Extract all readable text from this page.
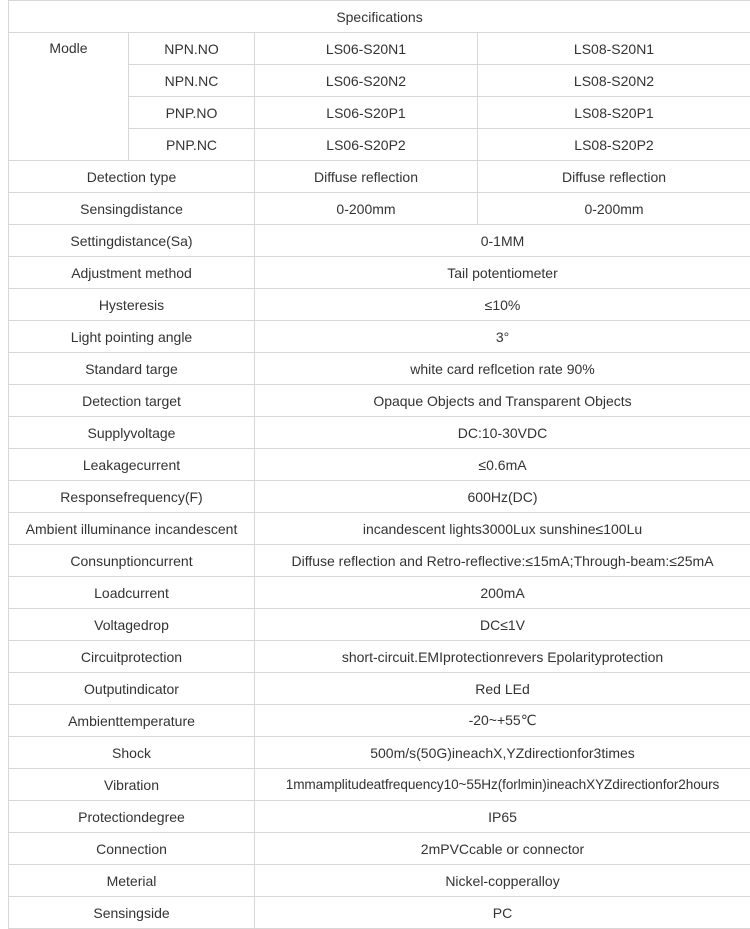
Specifications			
Modle	NPN.NO	LS06-S20N1	LS08-S20N1
	NPN.NC	LS06-S20N2	LS08-S20N2
	PNP.NO	LS06-S20P1	LS08-S20P1
	PNP.NC	LS06-S20P2	LS08-S20P2
Detection type		Diffuse reflection	Diffuse reflection
Sensingdistance		0-200mm	0-200mm
Settingdistance(Sa)		0-1MM	
Adjustment method		Tail potentiometer	
Hysteresis		≤10%	
Light pointing angle		3°	
Standard targe		white card reflcetion rate 90%	
Detection target		Opaque Objects and Transparent Objects	
Supplyvoltage		DC:10-30VDC	
Leakagecurrent		≤0.6mA	
Responsefrequency(F)		600Hz(DC)	
Ambient illuminance incandescent		incandescent lights3000Lux sunshine≤100Lu	
Consunptioncurrent		Diffuse reflection and Retro-reflective:≤15mA;Through-beam:≤25mA	
Loadcurrent		200mA	
Voltagedrop		DC≤1V	
Circuitprotection		short-circuit.EMIprotectionrevers Epolarityprotection	
Outputindicator		Red LEd	
Ambienttemperature		-20~+55℃	
Shock		500m/s(50G)ineachX,YZdirectionfor3times	
Vibration		1mmamplitudeatfrequency10~55Hz(forlmin)ineachXYZdirectionfor2hours	
Protectiondegree		IP65	
Connection		2mPVCcable or connector	
Meterial		Nickel-copperalloy	
Sensingside		PC	
